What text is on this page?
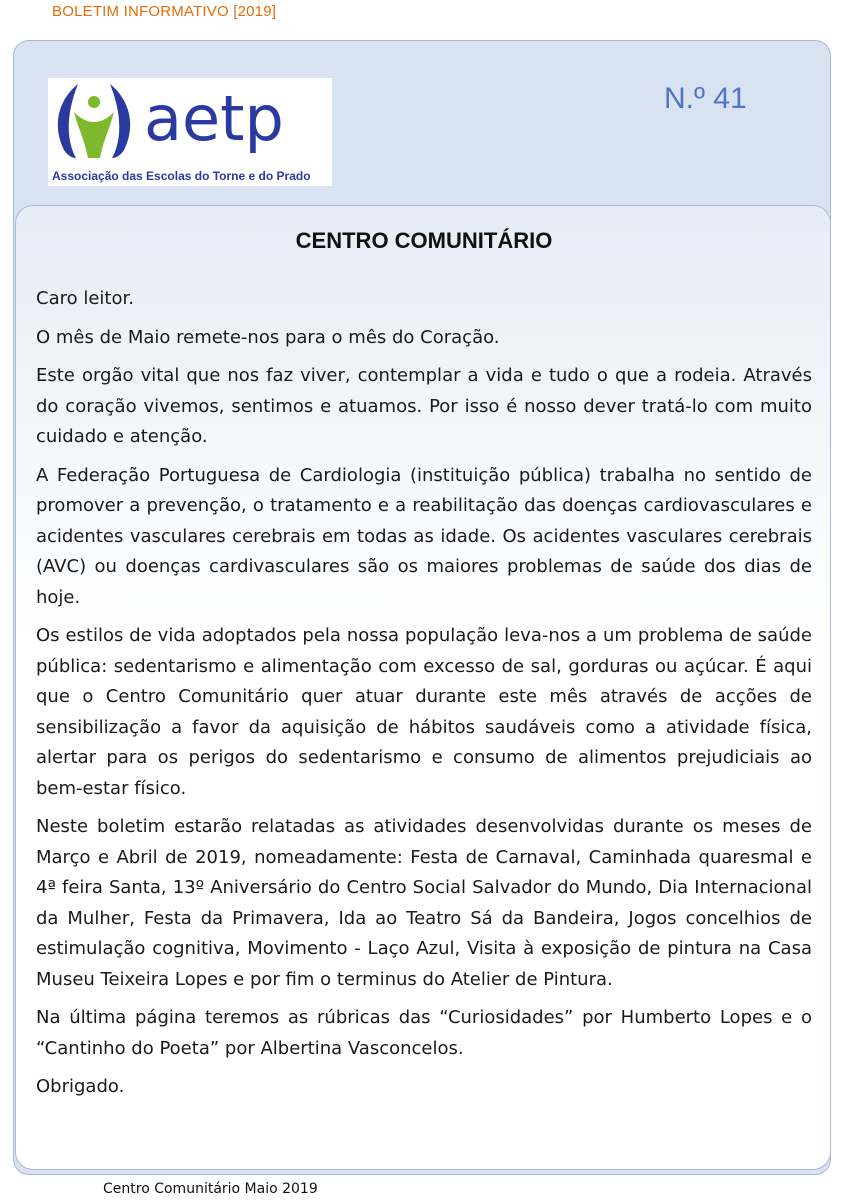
BOLETIM INFORMATIVO [2019]
aetp
Associação das Escolas do Torne e do Prado
N.º 41
CENTRO COMUNITÁRIO

Caro leitor.

O mês de Maio remete-nos para o mês do Coração.

Este orgão vital que nos faz viver, contemplar a vida e tudo o que a rodeia. Através do coração vivemos, sentimos e atuamos. Por isso é nosso dever tratá-lo com muito cuidado e atenção.

A Federação Portuguesa de Cardiologia (instituição pública) trabalha no sentido de promover a prevenção, o tratamento e a reabilitação das doenças cardiovasculares e acidentes vasculares cerebrais em todas as idade. Os acidentes vasculares cerebrais (AVC) ou doenças cardivasculares são os maiores problemas de saúde dos dias de hoje.

Os estilos de vida adoptados pela nossa população leva-nos a um problema de saúde pública: sedentarismo e alimentação com excesso de sal, gorduras ou açúcar. É aqui que o Centro Comunitário quer atuar durante este mês através de acções de sensibilização a favor da aquisição de hábitos saudáveis como a atividade física, alertar para os perigos do sedentarismo e consumo de alimentos prejudiciais ao bem-estar físico.

Neste boletim estarão relatadas as atividades desenvolvidas durante os meses de Março e Abril de 2019, nomeadamente: Festa de Carnaval, Caminhada quaresmal e 4ª feira Santa, 13º Aniversário do Centro Social Salvador do Mundo, Dia Internacional da Mulher, Festa da Primavera, Ida ao Teatro Sá da Bandeira, Jogos concelhios de estimulação cognitiva, Movimento - Laço Azul, Visita à exposição de pintura na Casa Museu Teixeira Lopes e por fim o terminus do Atelier de Pintura.

Na última página teremos as rúbricas das “Curiosidades” por Humberto Lopes e o “Cantinho do Poeta” por Albertina Vasconcelos.

Obrigado.

Centro Comunitário Maio 2019
